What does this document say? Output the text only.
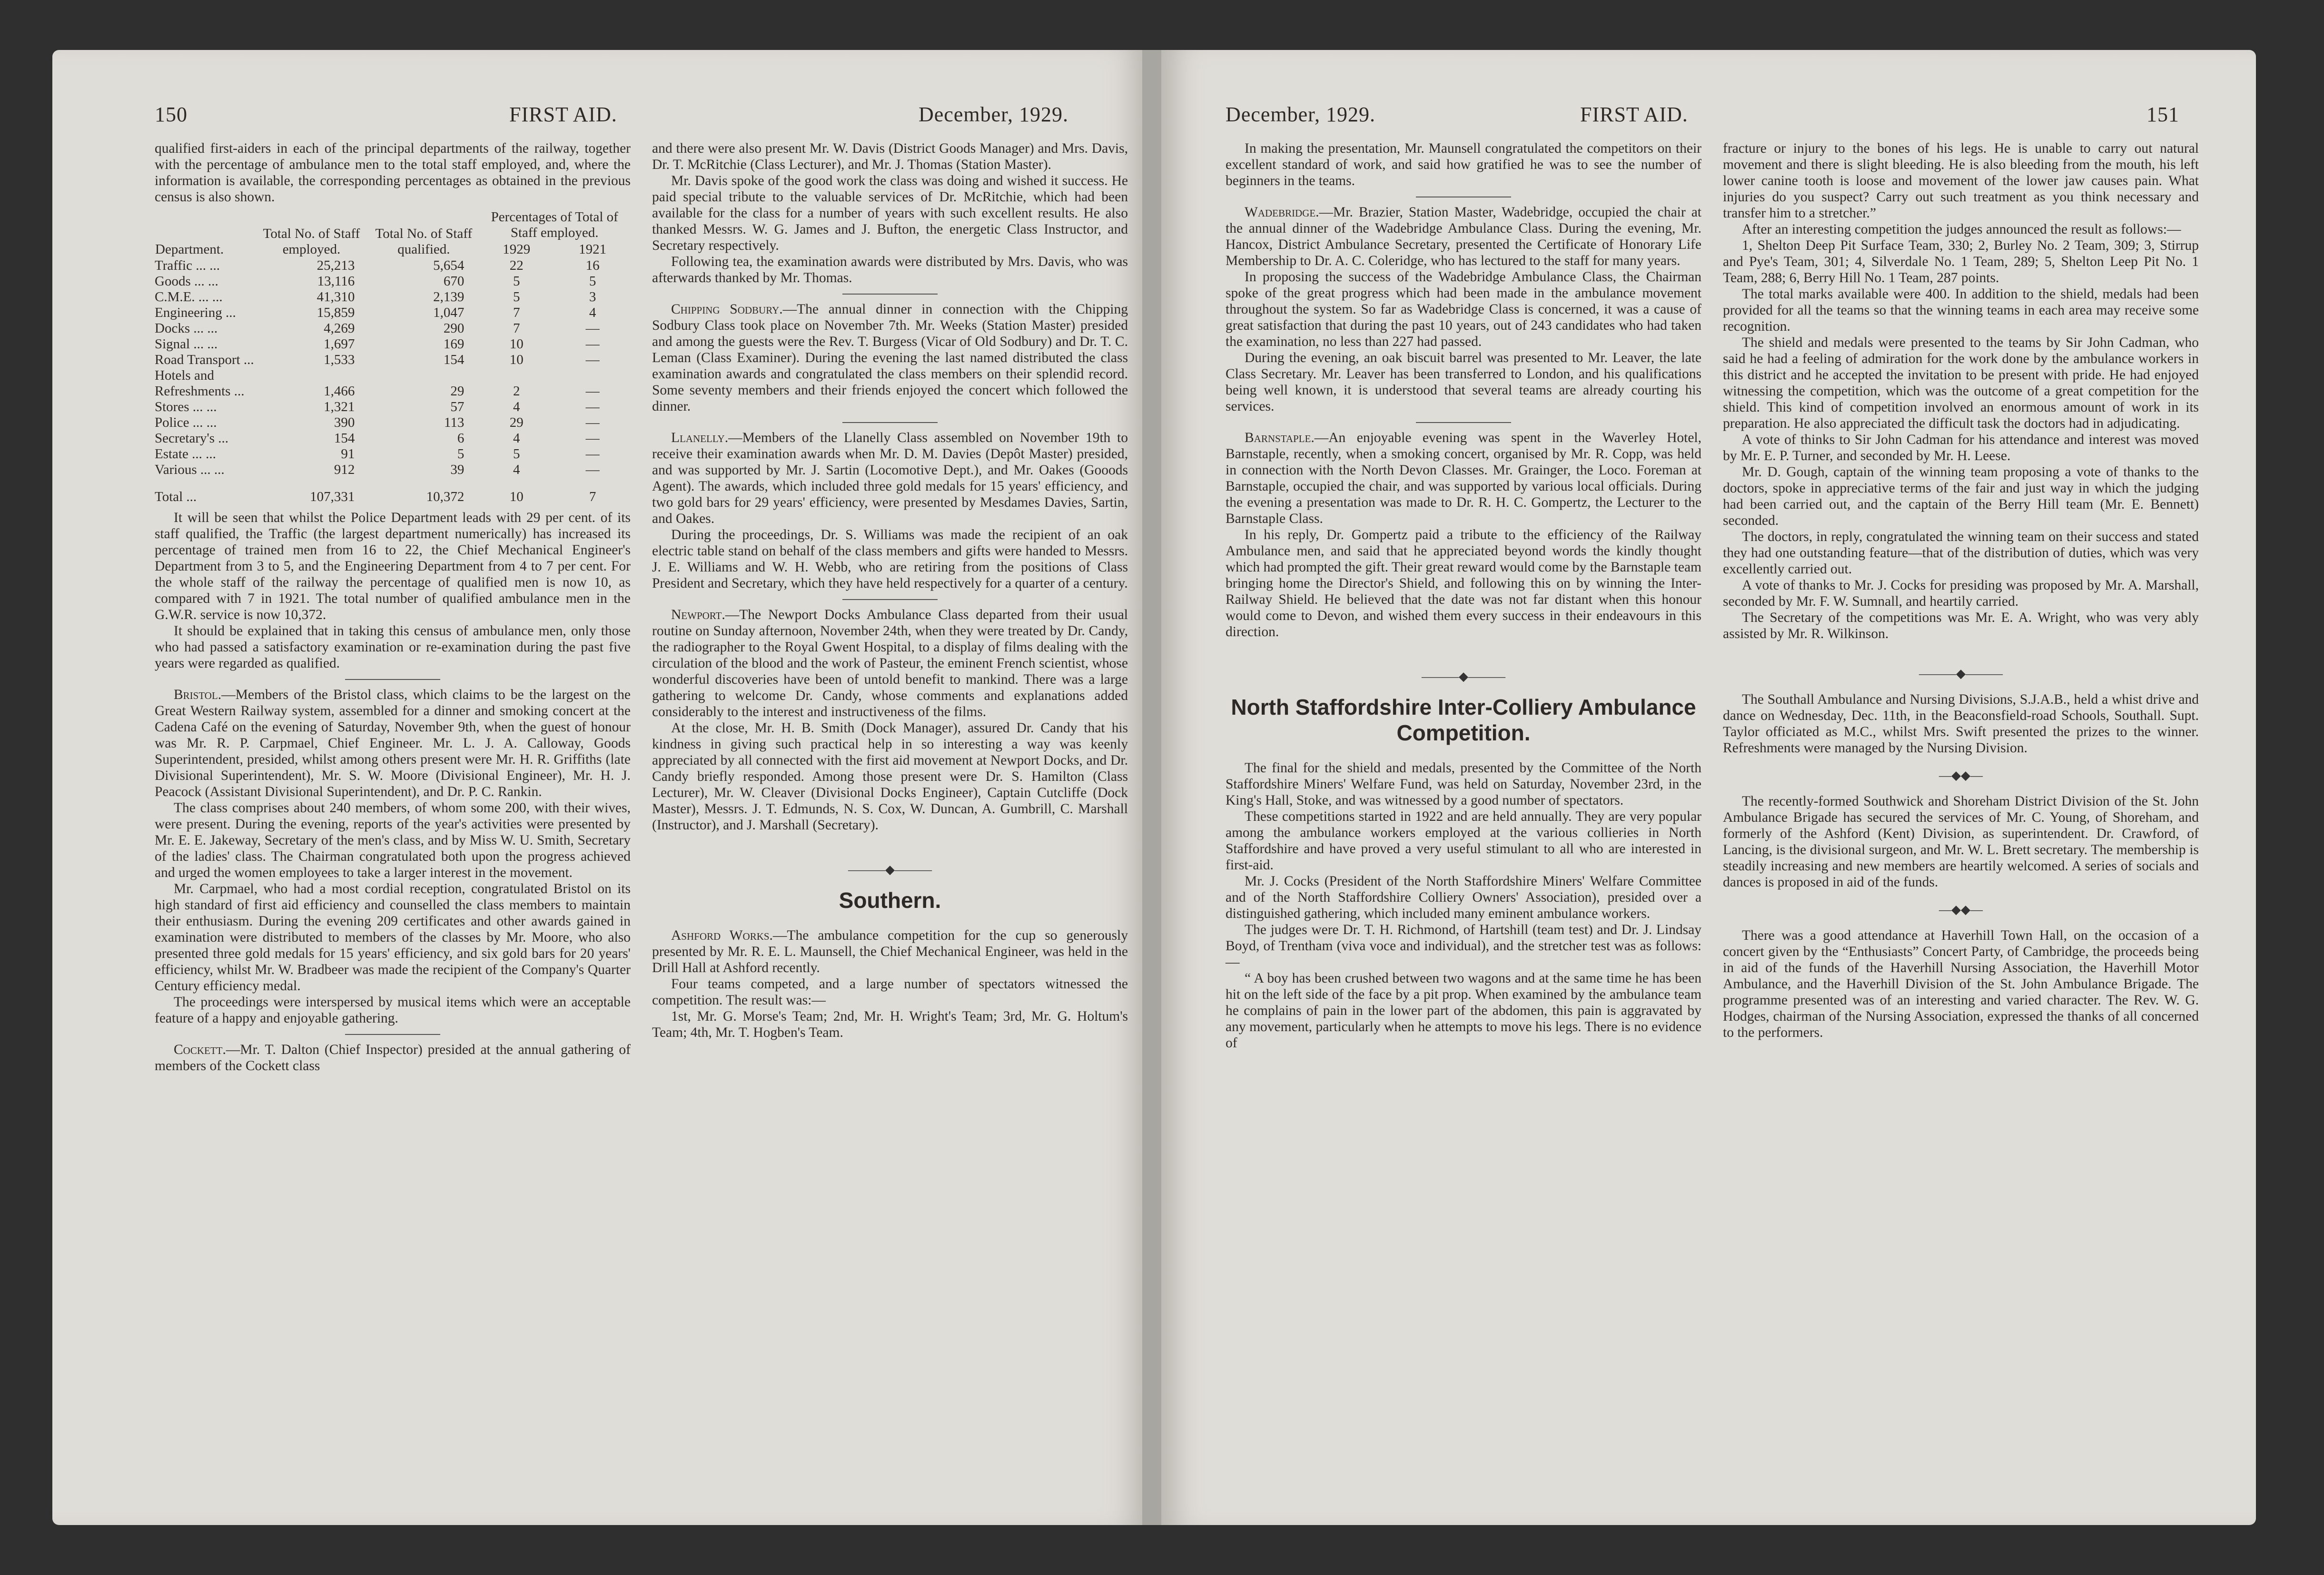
150	FIRST AID.	December, 1929.

qualified first-aiders in each of the principal departments of the railway, together with the percentage of ambulance men to the total staff employed, and, where the information is available, the corresponding percentages as obtained in the previous census is also shown.

Department.	Total No. of Staff employed.	Total No. of Staff qualified.	Percentages of Total of Staff employed.	
			1929	1921
Traffic ... ...	25,213	5,654	22	16
Goods ... ...	13,116	670	5	5
C.M.E. ... ...	41,310	2,139	5	3
Engineering ...	15,859	1,047	7	4
Docks ... ...	4,269	290	7	—
Signal ... ...	1,697	169	10	—
Road Transport ...	1,533	154	10	—
Hotels and				
Refreshments ...	1,466	29	2	—
Stores ... ...	1,321	57	4	—
Police ... ...	390	113	29	—
Secretary's ...	154	6	4	—
Estate ... ...	91	5	5	—
Various ... ...	912	39	4	—
Total ...	107,331	10,372	10	7

It will be seen that whilst the Police Department leads with 29 per cent. of its staff qualified, the Traffic (the largest department numerically) has increased its percentage of trained men from 16 to 22, the Chief Mechanical Engineer's Department from 3 to 5, and the Engineering Department from 4 to 7 per cent. For the whole staff of the railway the percentage of qualified men is now 10, as compared with 7 in 1921. The total number of qualified ambulance men in the G.W.R. service is now 10,372.

It should be explained that in taking this census of ambulance men, only those who had passed a satisfactory examination or re-examination during the past five years were regarded as qualified.

Bristol.—Members of the Bristol class, which claims to be the largest on the Great Western Railway system, assembled for a dinner and smoking concert at the Cadena Café on the evening of Saturday, November 9th, when the guest of honour was Mr. R. P. Carpmael, Chief Engineer. Mr. L. J. A. Calloway, Goods Superintendent, presided, whilst among others present were Mr. H. R. Griffiths (late Divisional Superintendent), Mr. S. W. Moore (Divisional Engineer), Mr. H. J. Peacock (Assistant Divisional Superintendent), and Dr. P. C. Rankin.

The class comprises about 240 members, of whom some 200, with their wives, were present. During the evening, reports of the year's activities were presented by Mr. E. E. Jakeway, Secretary of the men's class, and by Miss W. U. Smith, Secretary of the ladies' class. The Chairman congratulated both upon the progress achieved and urged the women employees to take a larger interest in the movement.

Mr. Carpmael, who had a most cordial reception, congratulated Bristol on its high standard of first aid efficiency and counselled the class members to maintain their enthusiasm. During the evening 209 certificates and other awards gained in examination were distributed to members of the classes by Mr. Moore, who also presented three gold medals for 15 years' efficiency, and six gold bars for 20 years' efficiency, whilst Mr. W. Bradbeer was made the recipient of the Company's Quarter Century efficiency medal.

The proceedings were interspersed by musical items which were an acceptable feature of a happy and enjoyable gathering.

Cockett.—Mr. T. Dalton (Chief Inspector) presided at the annual gathering of members of the Cockett class

and there were also present Mr. W. Davis (District Goods Manager) and Mrs. Davis, Dr. T. McRitchie (Class Lecturer), and Mr. J. Thomas (Station Master).

Mr. Davis spoke of the good work the class was doing and wished it success. He paid special tribute to the valuable services of Dr. McRitchie, which had been available for the class for a number of years with such excellent results. He also thanked Messrs. W. G. James and J. Bufton, the energetic Class Instructor, and Secretary respectively.

Following tea, the examination awards were distributed by Mrs. Davis, who was afterwards thanked by Mr. Thomas.

Chipping Sodbury.—The annual dinner in connection with the Chipping Sodbury Class took place on November 7th. Mr. Weeks (Station Master) presided and among the guests were the Rev. T. Burgess (Vicar of Old Sodbury) and Dr. T. C. Leman (Class Examiner). During the evening the last named distributed the class examination awards and congratulated the class members on their splendid record. Some seventy members and their friends enjoyed the concert which followed the dinner.

Llanelly.—Members of the Llanelly Class assembled on November 19th to receive their examination awards when Mr. D. M. Davies (Depôt Master) presided, and was supported by Mr. J. Sartin (Locomotive Dept.), and Mr. Oakes (Gooods Agent). The awards, which included three gold medals for 15 years' efficiency, and two gold bars for 29 years' efficiency, were presented by Mesdames Davies, Sartin, and Oakes.

During the proceedings, Dr. S. Williams was made the recipient of an oak electric table stand on behalf of the class members and gifts were handed to Messrs. J. E. Williams and W. H. Webb, who are retiring from the positions of Class President and Secretary, which they have held respectively for a quarter of a century.

Newport.—The Newport Docks Ambulance Class departed from their usual routine on Sunday afternoon, November 24th, when they were treated by Dr. Candy, the radiographer to the Royal Gwent Hospital, to a display of films dealing with the circulation of the blood and the work of Pasteur, the eminent French scientist, whose wonderful discoveries have been of untold benefit to mankind. There was a large gathering to welcome Dr. Candy, whose comments and explanations added considerably to the interest and instructiveness of the films.

At the close, Mr. H. B. Smith (Dock Manager), assured Dr. Candy that his kindness in giving such practical help in so interesting a way was keenly appreciated by all connected with the first aid movement at Newport Docks, and Dr. Candy briefly responded. Among those present were Dr. S. Hamilton (Class Lecturer), Mr. W. Cleaver (Divisional Docks Engineer), Captain Cutcliffe (Dock Master), Messrs. J. T. Edmunds, N. S. Cox, W. Duncan, A. Gumbrill, C. Marshall (Instructor), and J. Marshall (Secretary).

———◆———
Southern.

Ashford Works.—The ambulance competition for the cup so generously presented by Mr. R. E. L. Maunsell, the Chief Mechanical Engineer, was held in the Drill Hall at Ashford recently.

Four teams competed, and a large number of spectators witnessed the competition. The result was:—

1st, Mr. G. Morse's Team; 2nd, Mr. H. Wright's Team; 3rd, Mr. G. Holtum's Team; 4th, Mr. T. Hogben's Team.

December, 1929.	FIRST AID.	151

In making the presentation, Mr. Maunsell congratulated the competitors on their excellent standard of work, and said how gratified he was to see the number of beginners in the teams.

Wadebridge.—Mr. Brazier, Station Master, Wadebridge, occupied the chair at the annual dinner of the Wadebridge Ambulance Class. During the evening, Mr. Hancox, District Ambulance Secretary, presented the Certificate of Honorary Life Membership to Dr. A. C. Coleridge, who has lectured to the staff for many years.

In proposing the success of the Wadebridge Ambulance Class, the Chairman spoke of the great progress which had been made in the ambulance movement throughout the system. So far as Wadebridge Class is concerned, it was a cause of great satisfaction that during the past 10 years, out of 243 candidates who had taken the examination, no less than 227 had passed.

During the evening, an oak biscuit barrel was presented to Mr. Leaver, the late Class Secretary. Mr. Leaver has been transferred to London, and his qualifications being well known, it is understood that several teams are already courting his services.

Barnstaple.—An enjoyable evening was spent in the Waverley Hotel, Barnstaple, recently, when a smoking concert, organised by Mr. R. Copp, was held in connection with the North Devon Classes. Mr. Grainger, the Loco. Foreman at Barnstaple, occupied the chair, and was supported by various local officials. During the evening a presentation was made to Dr. R. H. C. Gompertz, the Lecturer to the Barnstaple Class.

In his reply, Dr. Gompertz paid a tribute to the efficiency of the Railway Ambulance men, and said that he appreciated beyond words the kindly thought which had prompted the gift. Their great reward would come by the Barnstaple team bringing home the Director's Shield, and following this on by winning the Inter-Railway Shield. He believed that the date was not far distant when this honour would come to Devon, and wished them every success in their endeavours in this direction.

———◆———
North Staffordshire Inter-Colliery Ambulance Competition.

The final for the shield and medals, presented by the Committee of the North Staffordshire Miners' Welfare Fund, was held on Saturday, November 23rd, in the King's Hall, Stoke, and was witnessed by a good number of spectators.

These competitions started in 1922 and are held annually. They are very popular among the ambulance workers employed at the various collieries in North Staffordshire and have proved a very useful stimulant to all who are interested in first-aid.

Mr. J. Cocks (President of the North Staffordshire Miners' Welfare Committee and of the North Staffordshire Colliery Owners' Association), presided over a distinguished gathering, which included many eminent ambulance workers.

The judges were Dr. T. H. Richmond, of Hartshill (team test) and Dr. J. Lindsay Boyd, of Trentham (viva voce and individual), and the stretcher test was as follows:—

“ A boy has been crushed between two wagons and at the same time he has been hit on the left side of the face by a pit prop. When examined by the ambulance team he complains of pain in the lower part of the abdomen, this pain is aggravated by any movement, particularly when he attempts to move his legs. There is no evidence of

fracture or injury to the bones of his legs. He is unable to carry out natural movement and there is slight bleeding. He is also bleeding from the mouth, his left lower canine tooth is loose and movement of the lower jaw causes pain. What injuries do you suspect? Carry out such treatment as you think necessary and transfer him to a stretcher.”

After an interesting competition the judges announced the result as follows:—

1, Shelton Deep Pit Surface Team, 330; 2, Burley No. 2 Team, 309; 3, Stirrup and Pye's Team, 301; 4, Silverdale No. 1 Team, 289; 5, Shelton Leep Pit No. 1 Team, 288; 6, Berry Hill No. 1 Team, 287 points.

The total marks available were 400. In addition to the shield, medals had been provided for all the teams so that the winning teams in each area may receive some recognition.

The shield and medals were presented to the teams by Sir John Cadman, who said he had a feeling of admiration for the work done by the ambulance workers in this district and he accepted the invitation to be present with pride. He had enjoyed witnessing the competition, which was the outcome of a great competition for the shield. This kind of competition involved an enormous amount of work in its preparation. He also appreciated the difficult task the doctors had in adjudicating.

A vote of thinks to Sir John Cadman for his attendance and interest was moved by Mr. E. P. Turner, and seconded by Mr. H. Leese.

Mr. D. Gough, captain of the winning team proposing a vote of thanks to the doctors, spoke in appreciative terms of the fair and just way in which the judging had been carried out, and the captain of the Berry Hill team (Mr. E. Bennett) seconded.

The doctors, in reply, congratulated the winning team on their success and stated they had one outstanding feature—that of the distribution of duties, which was very excellently carried out.

A vote of thanks to Mr. J. Cocks for presiding was proposed by Mr. A. Marshall, seconded by Mr. F. W. Sumnall, and heartily carried.

The Secretary of the competitions was Mr. E. A. Wright, who was very ably assisted by Mr. R. Wilkinson.

———◆———

The Southall Ambulance and Nursing Divisions, S.J.A.B., held a whist drive and dance on Wednesday, Dec. 11th, in the Beaconsfield-road Schools, Southall. Supt. Taylor officiated as M.C., whilst Mrs. Swift presented the prizes to the winner. Refreshments were managed by the Nursing Division.

—◆◆—

The recently-formed Southwick and Shoreham District Division of the St. John Ambulance Brigade has secured the services of Mr. C. Young, of Shoreham, and formerly of the Ashford (Kent) Division, as superintendent. Dr. Crawford, of Lancing, is the divisional surgeon, and Mr. W. L. Brett secretary. The membership is steadily increasing and new members are heartily welcomed. A series of socials and dances is proposed in aid of the funds.

—◆◆—

There was a good attendance at Haverhill Town Hall, on the occasion of a concert given by the “Enthusiasts” Concert Party, of Cambridge, the proceeds being in aid of the funds of the Haverhill Nursing Association, the Haverhill Motor Ambulance, and the Haverhill Division of the St. John Ambulance Brigade. The programme presented was of an interesting and varied character. The Rev. W. G. Hodges, chairman of the Nursing Association, expressed the thanks of all concerned to the performers.
